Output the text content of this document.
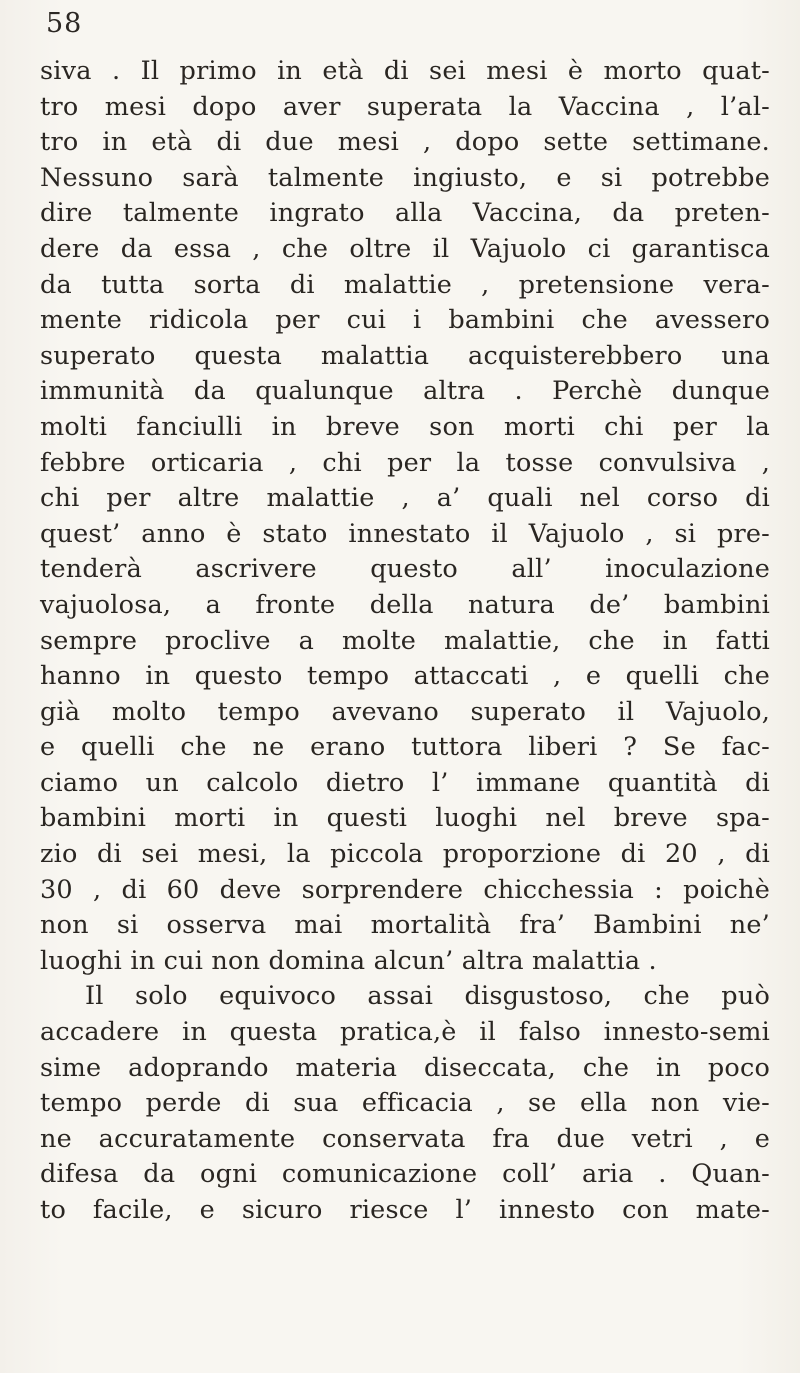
58
siva . Il primo in età di sei mesi è morto quat-
tro mesi dopo aver superata la Vaccina , l’al-
tro in età di due mesi , dopo sette settimane.
Nessuno sarà talmente ingiusto, e si potrebbe
dire talmente ingrato alla Vaccina, da preten-
dere da essa , che oltre il Vajuolo ci garantisca
da tutta sorta di malattie , pretensione vera-
mente ridicola per cui i bambini che avessero
superato questa malattia acquisterebbero una
immunità da qualunque altra . Perchè dunque
molti fanciulli in breve son morti chi per la
febbre orticaria , chi per la tosse convulsiva ,
chi per altre malattie , a’ quali nel corso di
quest’ anno è stato innestato il Vajuolo , si pre-
tenderà ascrivere questo all’ inoculazione
vajuolosa, a fronte della natura de’ bambini
sempre proclive a molte malattie, che in fatti
hanno in questo tempo attaccati , e quelli che
già molto tempo avevano superato il Vajuolo,
e quelli che ne erano tuttora liberi ? Se fac-
ciamo un calcolo dietro l’ immane quantità di
bambini morti in questi luoghi nel breve spa-
zio di sei mesi, la piccola proporzione di 20 , di
30 , di 60 deve sorprendere chicchessia : poichè
non si osserva mai mortalità fra’ Bambini ne’
luoghi in cui non domina alcun’ altra malattia .
Il solo equivoco assai disgustoso, che può
accadere in questa pratica,è il falso innesto-semi
sime adoprando materia diseccata, che in poco
tempo perde di sua efficacia , se ella non vie-
ne accuratamente conservata fra due vetri , e
difesa da ogni comunicazione coll’ aria . Quan-
to facile, e sicuro riesce l’ innesto con mate-
